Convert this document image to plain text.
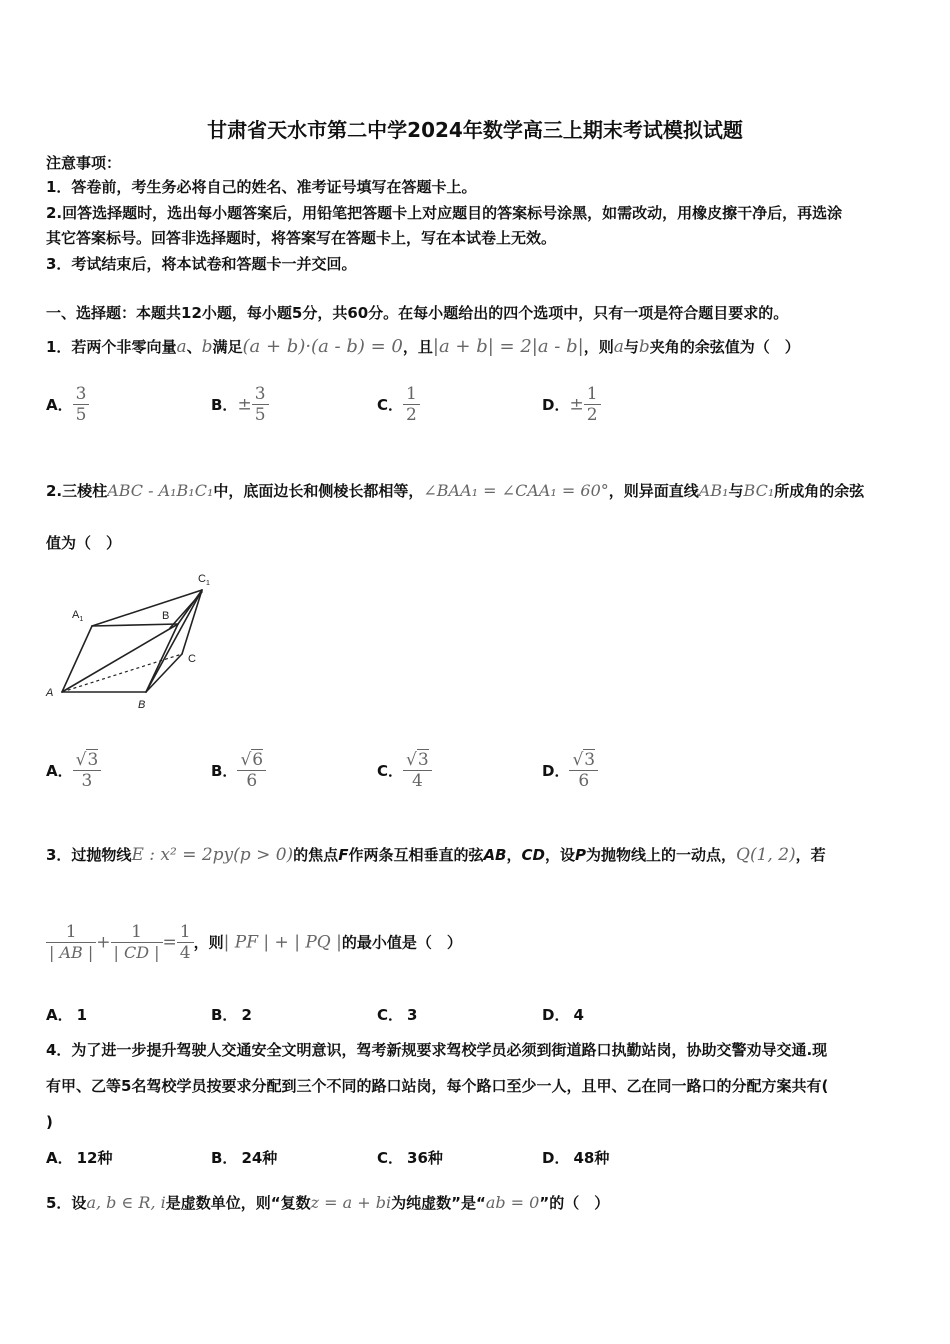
甘肃省天水市第二中学2024年数学高三上期末考试模拟试题
注意事项：
1．答卷前，考生务必将自己的姓名、准考证号填写在答题卡上。
2.回答选择题时，选出每小题答案后，用铅笔把答题卡上对应题目的答案标号涂黑，如需改动，用橡皮擦干净后，再选涂
其它答案标号。回答非选择题时，将答案写在答题卡上，写在本试卷上无效。
3．考试结束后，将本试卷和答题卡一并交回。
一、选择题：本题共12小题，每小题5分，共60分。在每小题给出的四个选项中，只有一项是符合题目要求的。
1．若两个非零向量a、b满足(a + b)·(a - b) = 0，且|a + b| = 2|a - b|，则a与b夹角的余弦值为（　）
A． $\frac{3}{5}$	B．± $\frac{3}{5}$	C． $\frac{1}{2}$	D．± $\frac{1}{2}$
2.三棱柱ABC - A₁B₁C₁中，底面边长和侧棱长都相等，∠BAA₁ = ∠CAA₁ = 60°，则异面直线AB₁与BC₁所成角的余弦
值为（　）
$A_1$	B
$C_1$
C
A
B
A． $\frac{√3}{3}$	B． $\frac{√6}{6}$	C． $\frac{√3}{4}$	D． $\frac{√3}{6}$
3．过抛物线E : x² = 2py(p > 0)的焦点F作两条互相垂直的弦AB，CD，设P为抛物线上的一动点，Q(1, 2)，若
$\frac{1}{| AB |} + \frac{1}{| CD |} = \frac{1}{4}$ ，则| PF | + | PQ |的最小值是（　）
A． 1	B． 2	C． 3	D． 4
4．为了进一步提升驾驶人交通安全文明意识，驾考新规要求驾校学员必须到街道路口执勤站岗，协助交警劝导交通.现
有甲、乙等5名驾校学员按要求分配到三个不同的路口站岗，每个路口至少一人，且甲、乙在同一路口的分配方案共有(
)
A． 12种	B． 24种	C． 36种	D． 48种
5．设a, b ∈ R, i是虚数单位，则“复数z = a + bi为纯虚数”是“ab = 0”的（　）
